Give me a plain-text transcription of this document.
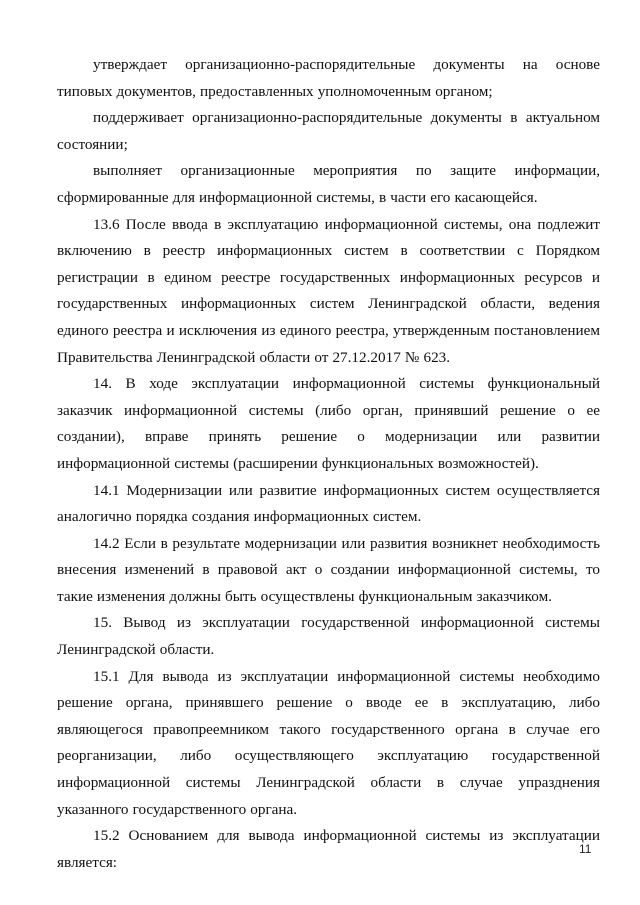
утверждает организационно-распорядительные документы на основе типовых документов, предоставленных уполномоченным органом;

поддерживает организационно-распорядительные документы в актуальном состоянии;

выполняет организационные мероприятия по защите информации, сформированные для информационной системы, в части его касающейся.

13.6 После ввода в эксплуатацию информационной системы, она подлежит включению в реестр информационных систем в соответствии с Порядком регистрации в едином реестре государственных информационных ресурсов и государственных информационных систем Ленинградской области, ведения единого реестра и исключения из единого реестра, утвержденным постановлением Правительства Ленинградской области от 27.12.2017 № 623.

14. В ходе эксплуатации информационной системы функциональный заказчик информационной системы (либо орган, принявший решение о ее создании), вправе принять решение о модернизации или развитии информационной системы (расширении функциональных возможностей).

14.1 Модернизации или развитие информационных систем осуществляется аналогично порядка создания информационных систем.

14.2 Если в результате модернизации или развития возникнет необходимость внесения изменений в правовой акт о создании информационной системы, то такие изменения должны быть осуществлены функциональным заказчиком.

15. Вывод из эксплуатации государственной информационной системы Ленинградской области.

15.1 Для вывода из эксплуатации информационной системы необходимо решение органа, принявшего решение о вводе ее в эксплуатацию, либо являющегося правопреемником такого государственного органа в случае его реорганизации, либо осуществляющего эксплуатацию государственной информационной системы Ленинградской области в случае упразднения указанного государственного органа.

15.2 Основанием для вывода информационной системы из эксплуатации является:

11
